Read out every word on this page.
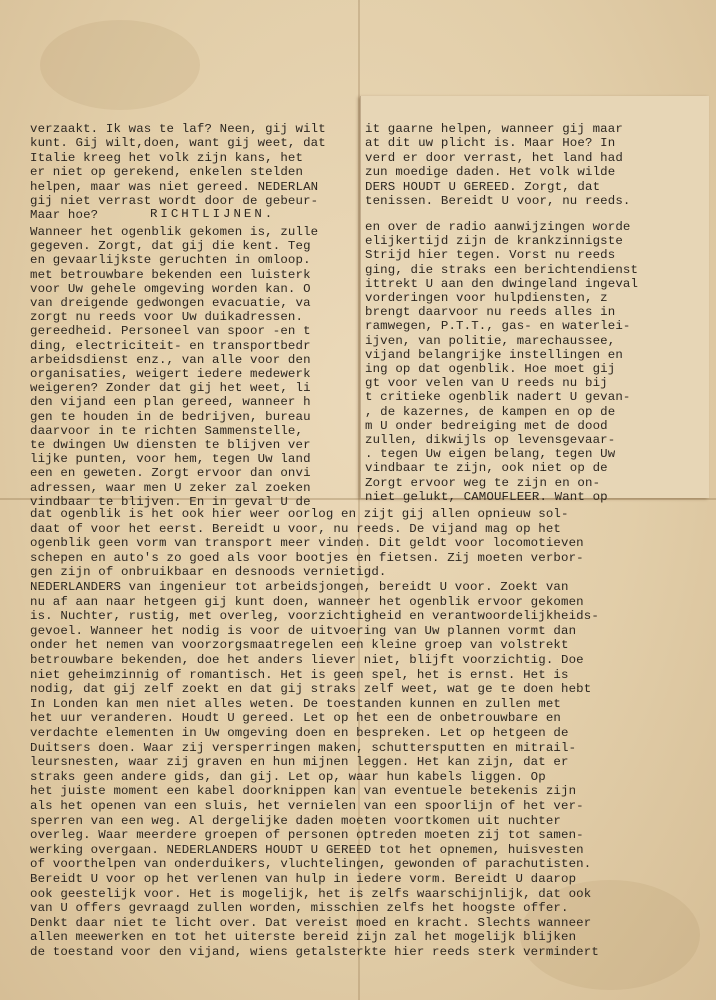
verzaakt. Ik was te laf? Neen, gij wilt
kunt. Gij wilt,doen, want gij weet, dat
Italie kreeg het volk zijn kans, het
er niet op gerekend, enkelen stelden
helpen, maar was niet gereed. NEDERLAN
gij niet verrast wordt door de gebeur-
Maar hoe?	RICHTLIJNEN.
Wanneer het ogenblik gekomen is, zulle
gegeven. Zorgt, dat gij die kent. Teg
en gevaarlijkste geruchten in omloop.
met betrouwbare bekenden een luisterk
voor Uw gehele omgeving worden kan. O
van dreigende gedwongen evacuatie, va
zorgt nu reeds voor Uw duikadressen.
gereedheid. Personeel van spoor -en t
ding, electriciteit- en transportbedr
arbeidsdienst enz., van alle voor den
organisaties, weigert iedere medewerk
weigeren? Zonder dat gij het weet, li
den vijand een plan gereed, wanneer h
gen te houden in de bedrijven, bureau
daarvoor in te richten Sammenstelle,
te dwingen Uw diensten te blijven ver
lijke punten, voor hem, tegen Uw land
een en geweten. Zorgt ervoor dan onvi
adressen, waar men U zeker zal zoeken
vindbaar te blijven. En in geval U de
it gaarne helpen, wanneer gij maar
at dit uw plicht is. Maar Hoe? In
verd er door verrast, het land had
zun moedige daden. Het volk wilde
DERS HOUDT U GEREED. Zorgt, dat
tenissen. Bereidt U voor, nu reeds.
en over de radio aanwijzingen worde
elijkertijd zijn de krankzinnigste
Strijd hier tegen. Vorst nu reeds
ging, die straks een berichtendienst
ittrekt U aan den dwingeland ingeval
vorderingen voor hulpdiensten, z
brengt daarvoor nu reeds alles in
ramwegen, P.T.T., gas- en waterlei-
ijven, van politie, marechaussee,
vijand belangrijke instellingen en
ing op dat ogenblik. Hoe moet gij
gt voor velen van U reeds nu bij
t critieke ogenblik nadert U gevan-
, de kazernes, de kampen en op de
m U onder bedreiging met de dood
zullen, dikwijls op levensgevaar-
. tegen Uw eigen belang, tegen Uw
vindbaar te zijn, ook niet op de
Zorgt ervoor weg te zijn en on-
niet gelukt, CAMOUFLEER. Want op
dat ogenblik is het ook hier weer oorlog en zijt gij allen opnieuw sol-
daat of voor het eerst. Bereidt u voor, nu reeds. De vijand mag op het
ogenblik geen vorm van transport meer vinden. Dit geldt voor locomotieven
schepen en auto's zo goed als voor bootjes en fietsen. Zij moeten verbor-
gen zijn of onbruikbaar en desnoods vernietigd.
NEDERLANDERS van ingenieur tot arbeidsjongen, bereidt U voor. Zoekt van
nu af aan naar hetgeen gij kunt doen, wanneer het ogenblik ervoor gekomen
is. Nuchter, rustig, met overleg, voorzichtigheid en verantwoordelijkheids-
gevoel. Wanneer het nodig is voor de uitvoering van Uw plannen vormt dan
onder het nemen van voorzorgsmaatregelen een kleine groep van volstrekt
betrouwbare bekenden, doe het anders liever niet, blijft voorzichtig. Doe
niet geheimzinnig of romantisch. Het is geen spel, het is ernst. Het is
nodig, dat gij zelf zoekt en dat gij straks zelf weet, wat ge te doen hebt
In Londen kan men niet alles weten. De toestanden kunnen en zullen met
het uur veranderen. Houdt U gereed. Let op het een de onbetrouwbare en
verdachte elementen in Uw omgeving doen en bespreken. Let op hetgeen de
Duitsers doen. Waar zij versperringen maken, schuttersputten en mitrail-
leursnesten, waar zij graven en hun mijnen leggen. Het kan zijn, dat er
straks geen andere gids, dan gij. Let op, waar hun kabels liggen. Op
het juiste moment een kabel doorknippen kan van eventuele betekenis zijn
als het openen van een sluis, het vernielen van een spoorlijn of het ver-
sperren van een weg. Al dergelijke daden moeten voortkomen uit nuchter
overleg. Waar meerdere groepen of personen optreden moeten zij tot samen-
werking overgaan. NEDERLANDERS HOUDT U GEREED tot het opnemen, huisvesten
of voorthelpen van onderduikers, vluchtelingen, gewonden of parachutisten.
Bereidt U voor op het verlenen van hulp in iedere vorm. Bereidt U daarop
ook geestelijk voor. Het is mogelijk, het is zelfs waarschijnlijk, dat ook
van U offers gevraagd zullen worden, misschien zelfs het hoogste offer.
Denkt daar niet te licht over. Dat vereist moed en kracht. Slechts wanneer
allen meewerken en tot het uiterste bereid zijn zal het mogelijk blijken
de toestand voor den vijand, wiens getalsterkte hier reeds sterk vermindert
